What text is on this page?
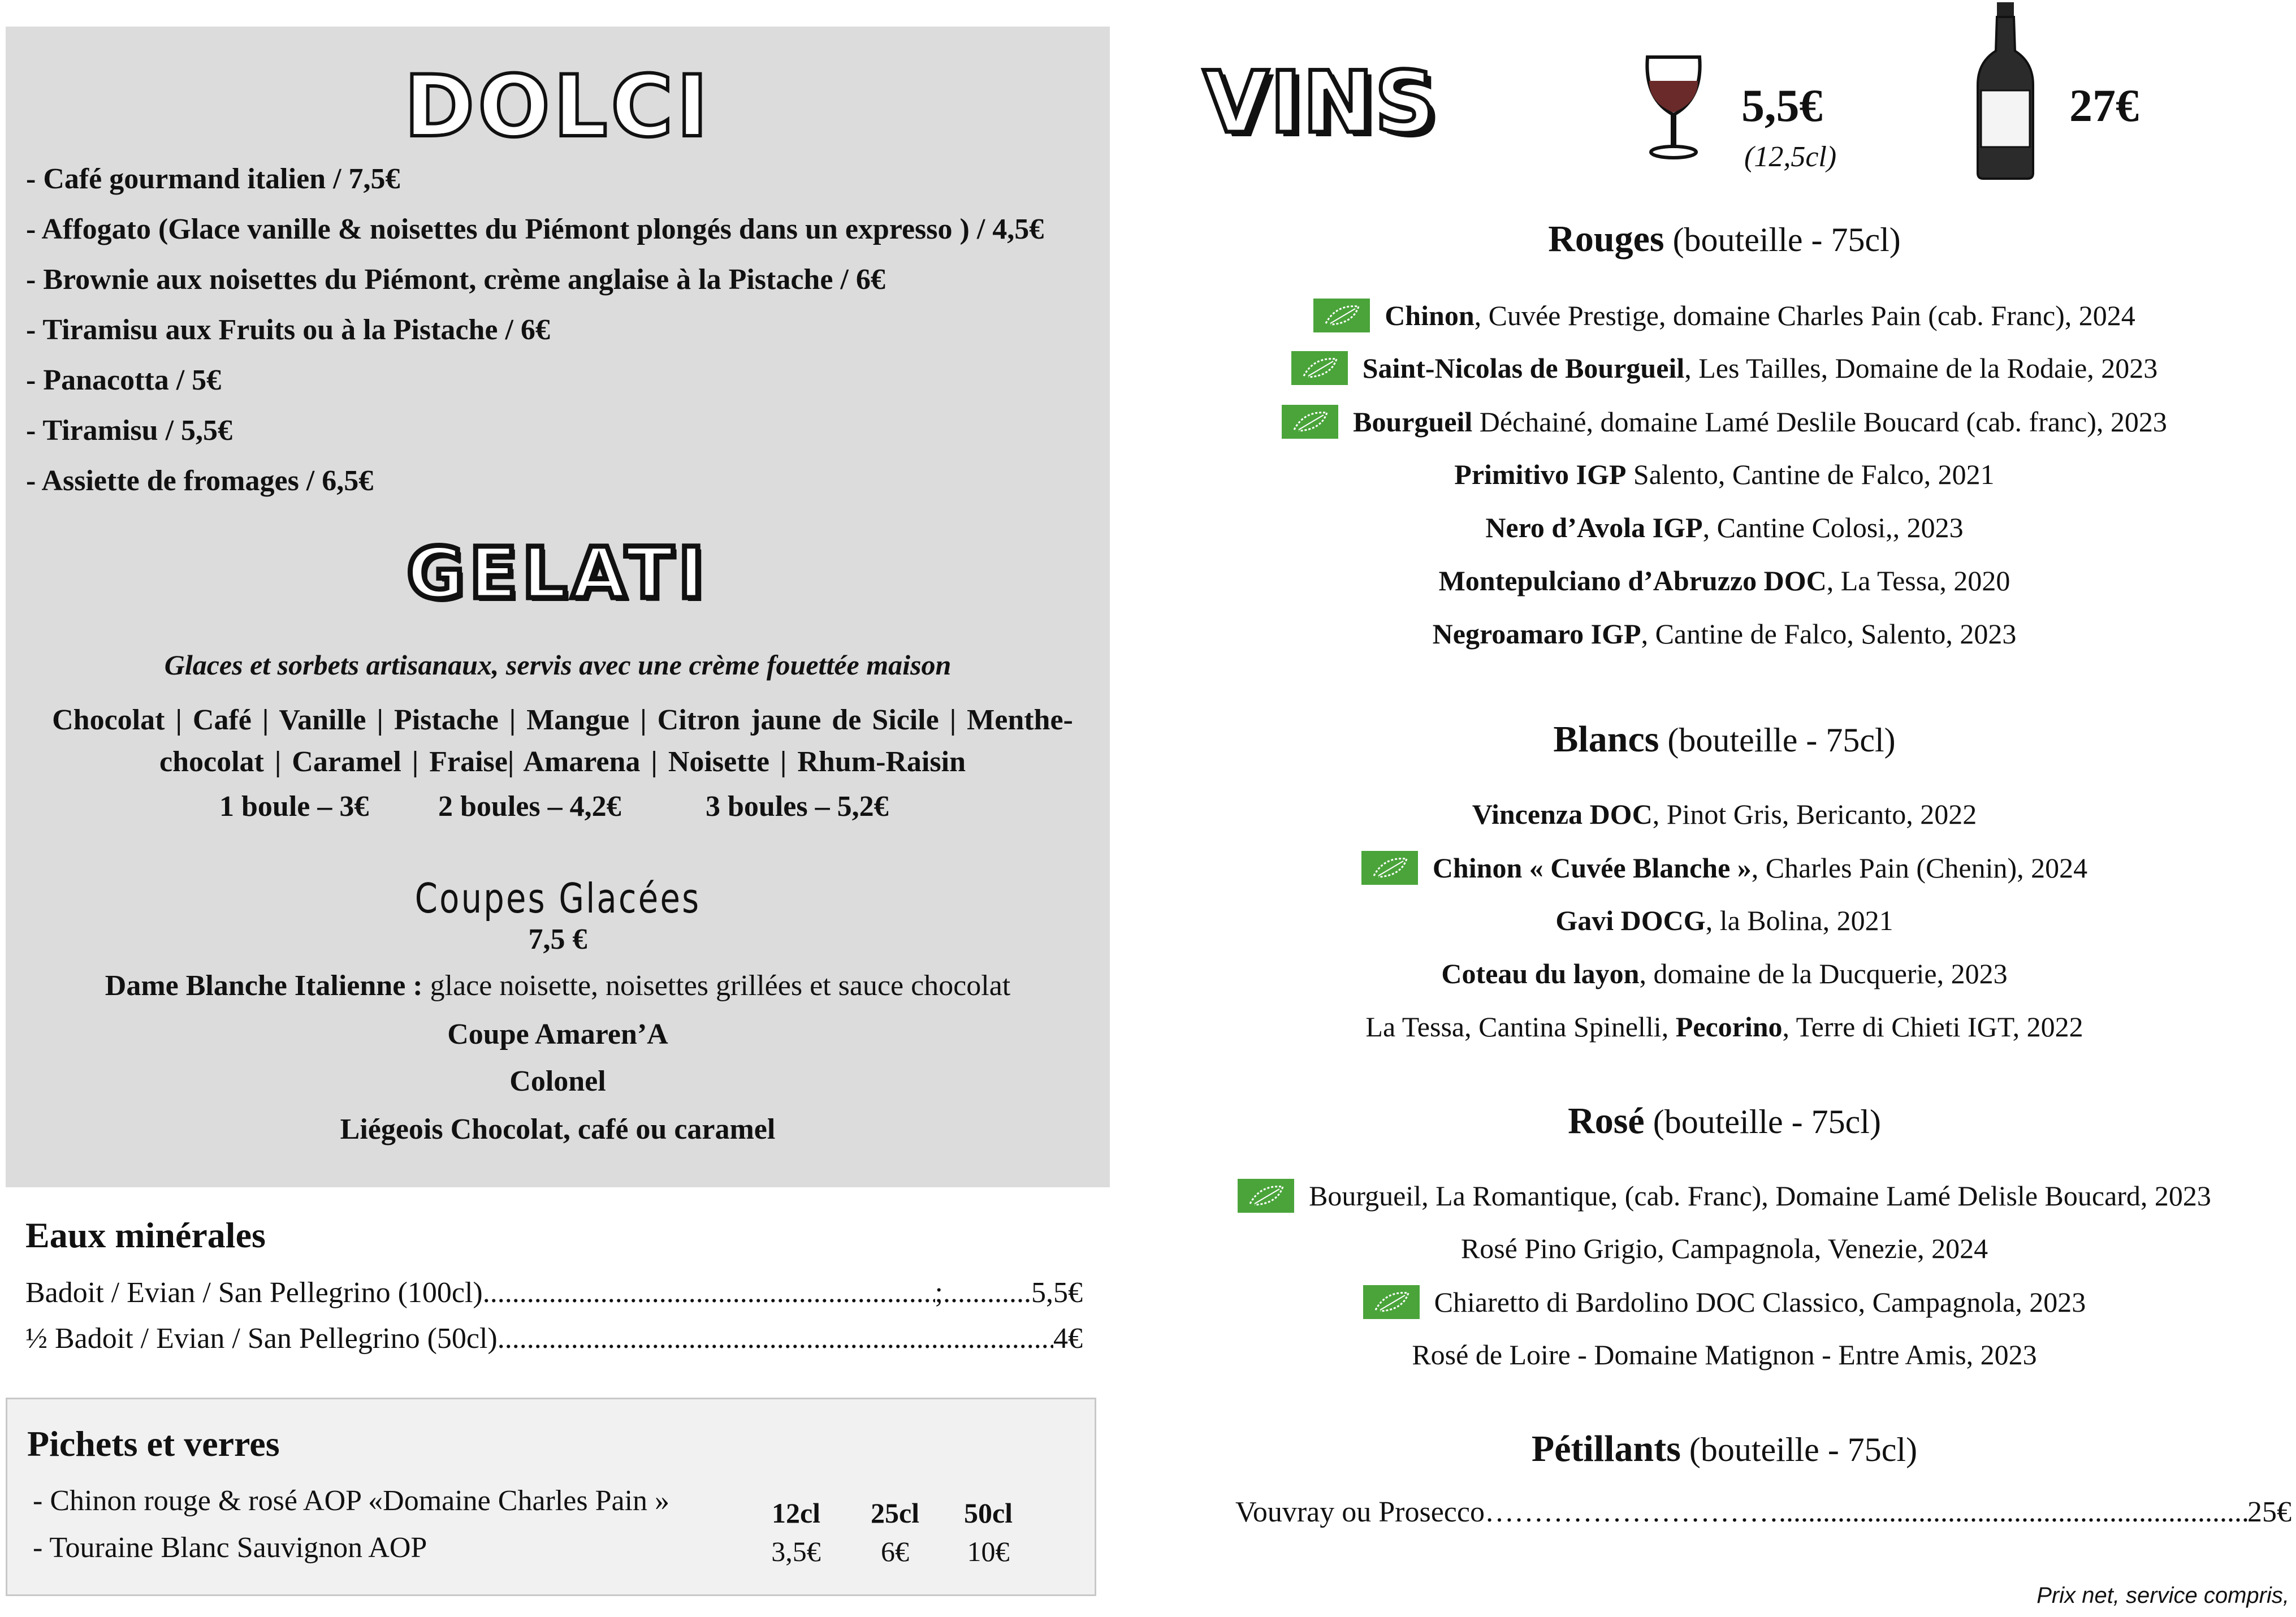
DOLCI
- Café gourmand italien / 7,5€
- Affogato (Glace vanille & noisettes du Piémont plongés dans un expresso ) / 4,5€
- Brownie aux noisettes du Piémont, crème anglaise à la Pistache / 6€
- Tiramisu aux Fruits ou à la Pistache / 6€
- Panacotta / 5€
- Tiramisu / 5,5€
- Assiette de fromages / 6,5€
GELATI
Glaces et sorbets artisanaux, servis avec une crème fouettée maison
Chocolat | Café | Vanille | Pistache | Mangue | Citron jaune de Sicile | Menthe-chocolat | Caramel | Fraise| Amarena | Noisette | Rhum-Raisin
1 boule – 3€ 2 boules – 4,2€	3 boules – 5,2€
Coupes Glacées
7,5 €
Dame Blanche Italienne : glace noisette, noisettes grillées et sauce chocolat
Coupe Amaren’A
Colonel
Liégeois Chocolat, café ou caramel
Eaux minérales
Badoit / Evian / San Pellegrino (100cl) .....	;............5,5€
½ Badoit / Evian / San Pellegrino (50cl) .....	4€
Pichets et verres
- Chinon rouge & rosé AOP «Domaine Charles Pain »
- Touraine Blanc Sauvignon AOP
12cl	25cl	50cl
3,5€	6€	10€
VINS	5,5€
(12,5cl)
27€
Rouges (bouteille - 75cl)
Chinon, Cuvée Prestige, domaine Charles Pain (cab. Franc), 2024
Saint-Nicolas de Bourgueil, Les Tailles, Domaine de la Rodaie, 2023
Bourgueil Déchainé, domaine Lamé Deslile Boucard (cab. franc), 2023
Primitivo IGP Salento, Cantine de Falco, 2021
Nero d’Avola IGP, Cantine Colosi,, 2023
Montepulciano d’Abruzzo DOC, La Tessa, 2020
Negroamaro IGP, Cantine de Falco, Salento, 2023
Blancs (bouteille - 75cl)
Vincenza DOC, Pinot Gris, Bericanto, 2022
Chinon « Cuvée Blanche », Charles Pain (Chenin), 2024
Gavi DOCG, la Bolina, 2021
Coteau du layon, domaine de la Ducquerie, 2023
La Tessa, Cantina Spinelli, Pecorino, Terre di Chieti IGT, 2022
Rosé (bouteille - 75cl)
Bourgueil, La Romantique, (cab. Franc), Domaine Lamé Delisle Boucard, 2023
Rosé Pino Grigio, Campagnola, Venezie, 2024
Chiaretto di Bardolino DOC Classico, Campagnola, 2023
Rosé de Loire - Domaine Matignon - Entre Amis, 2023
Pétillants (bouteille - 75cl)
Vouvray ou Prosecco………………………… .....	25€
Prix net, service compris,
